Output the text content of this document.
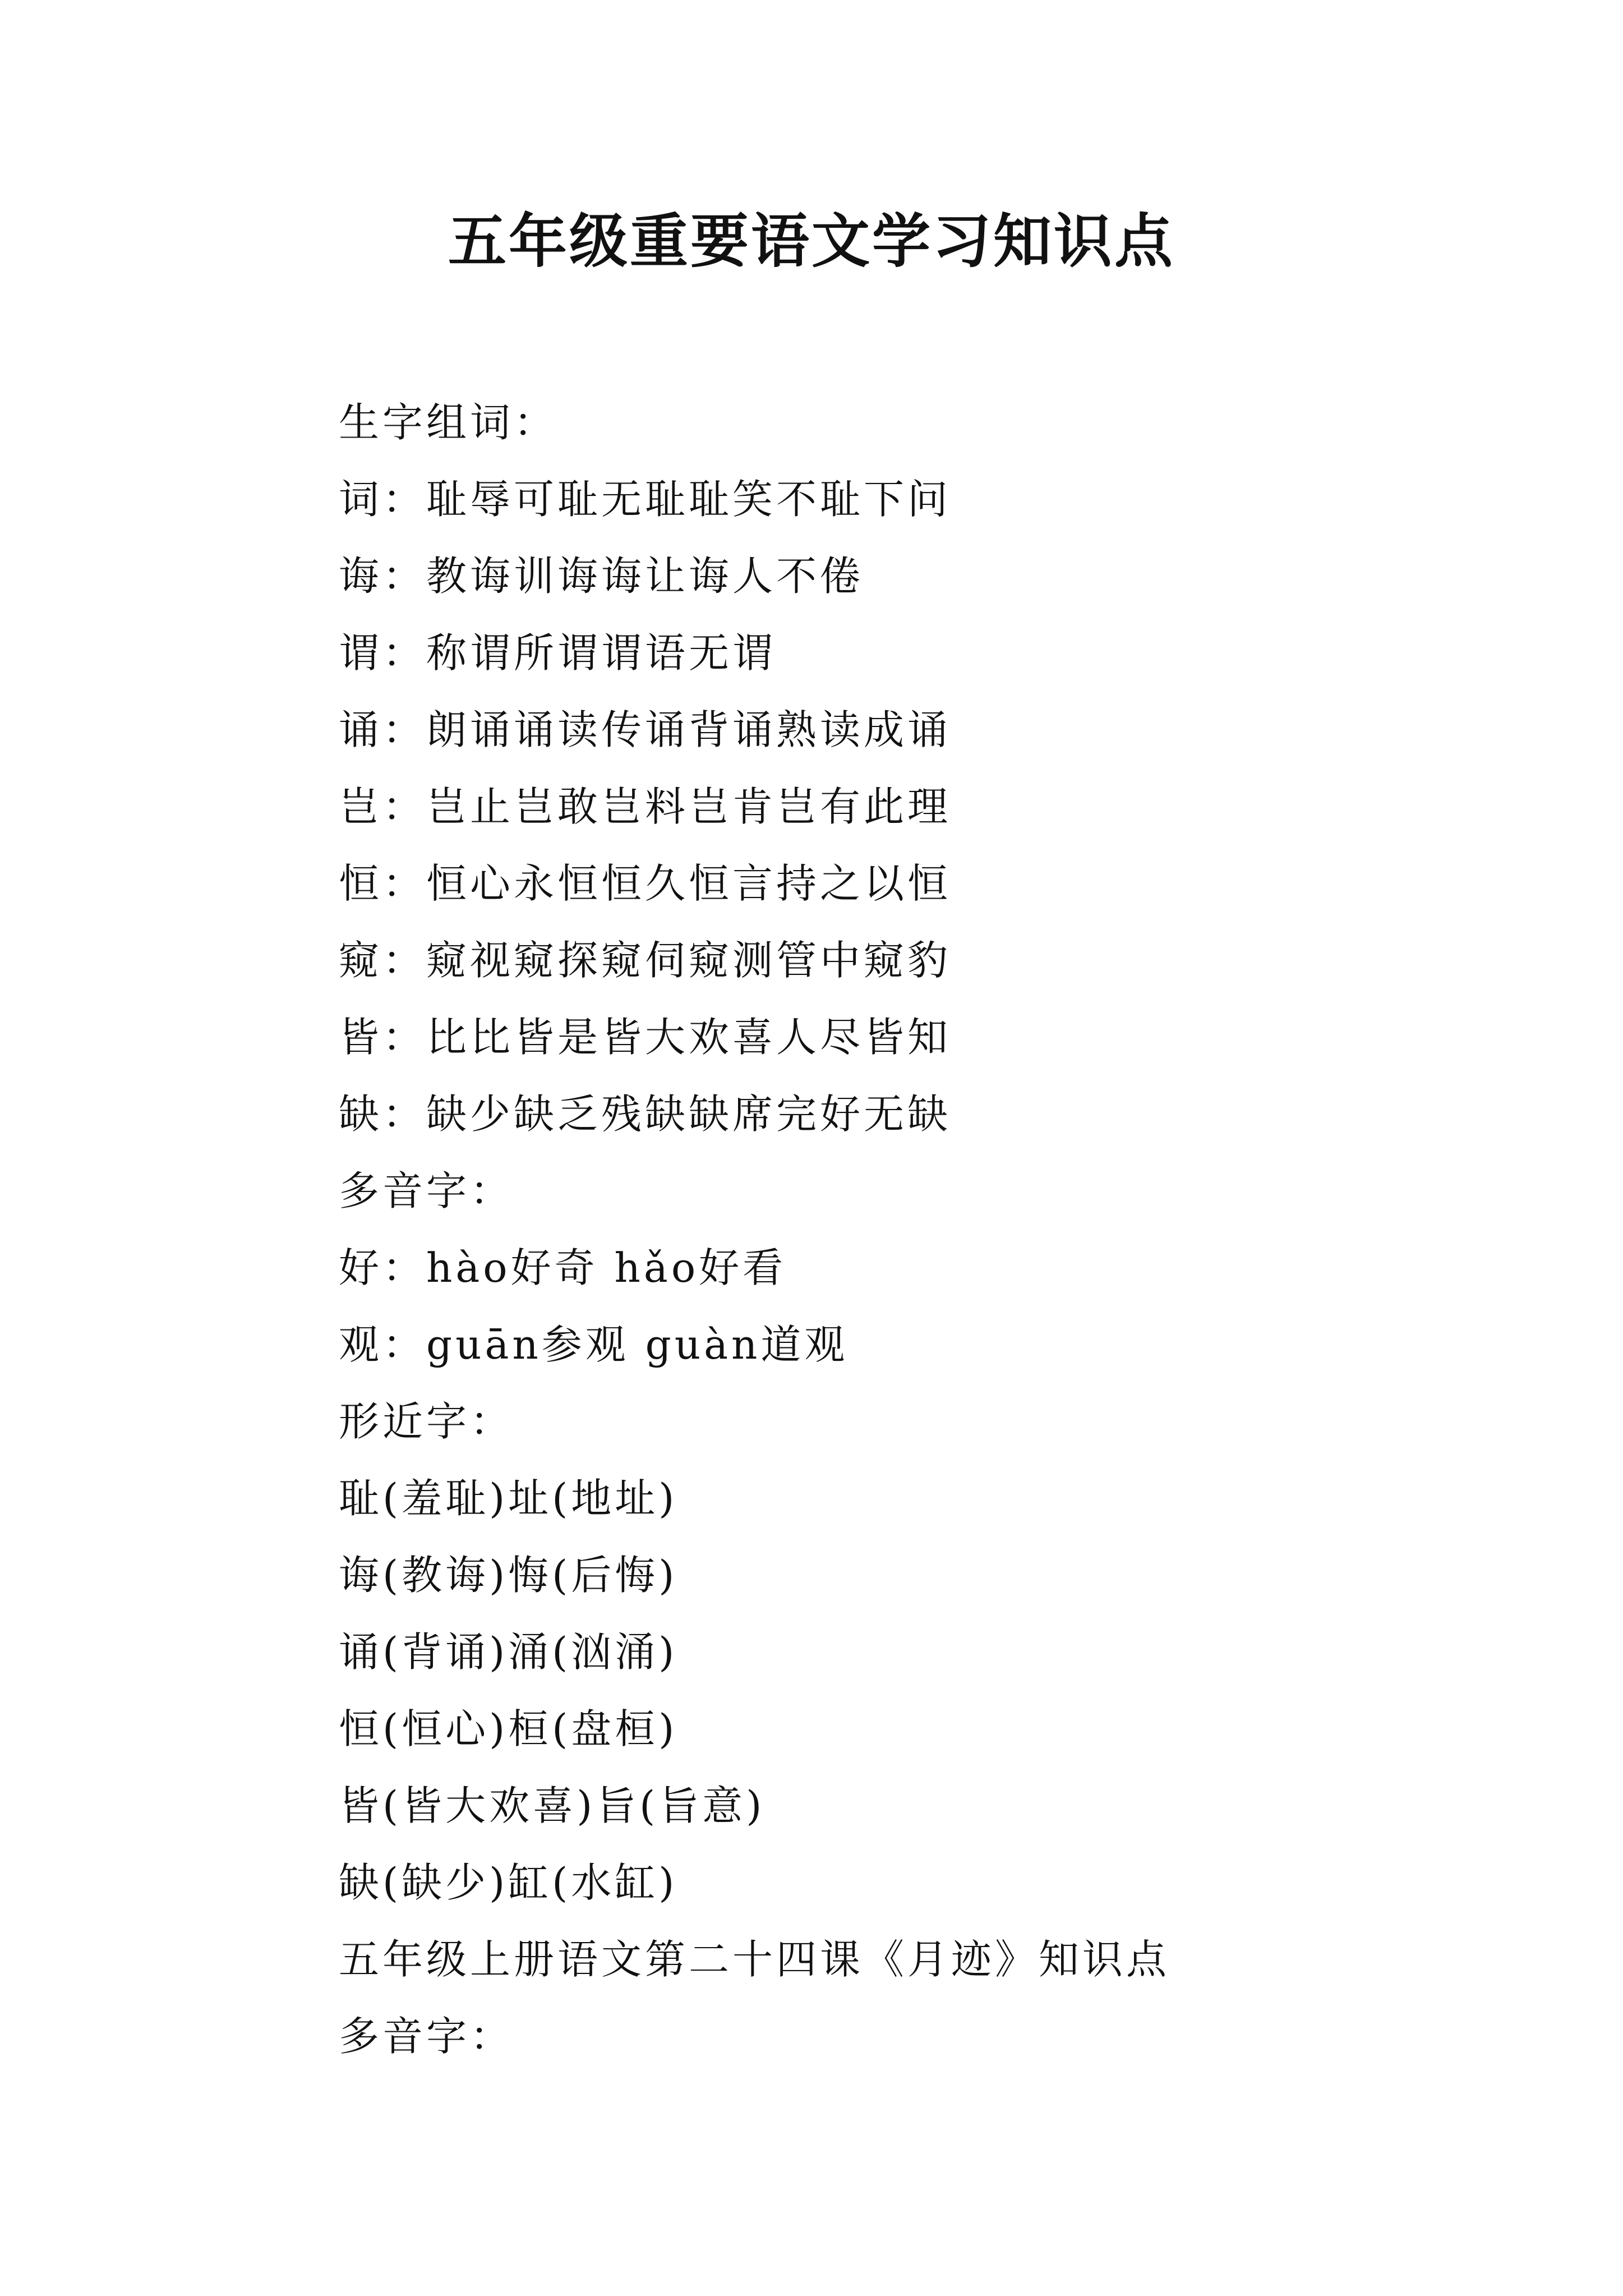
五年级重要语文学习知识点
生字组词：
词：耻辱可耻无耻耻笑不耻下问
诲：教诲训诲诲让诲人不倦
谓：称谓所谓谓语无谓
诵：朗诵诵读传诵背诵熟读成诵
岂：岂止岂敢岂料岂肯岂有此理
恒：恒心永恒恒久恒言持之以恒
窥：窥视窥探窥伺窥测管中窥豹
皆：比比皆是皆大欢喜人尽皆知
缺：缺少缺乏残缺缺席完好无缺
多音字：
好：hào好奇 hǎo好看
观：guān参观 guàn道观
形近字：
耻(羞耻)址(地址)
诲(教诲)悔(后悔)
诵(背诵)涌(汹涌)
恒(恒心)桓(盘桓)
皆(皆大欢喜)旨(旨意)
缺(缺少)缸(水缸)
五年级上册语文第二十四课《月迹》知识点
多音字：
